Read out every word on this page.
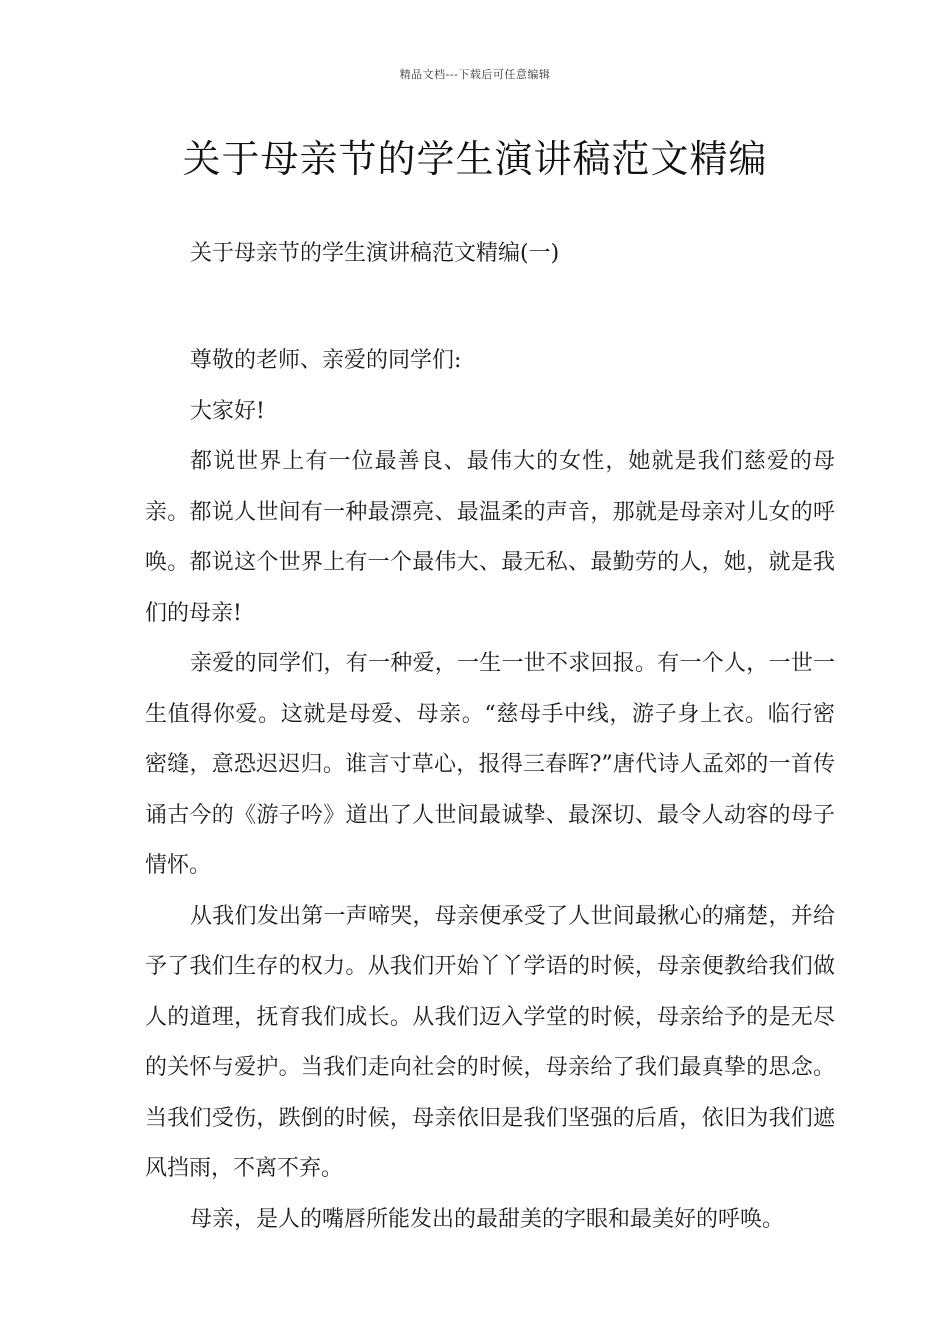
精品文档---下载后可任意编辑
关于母亲节的学生演讲稿范文精编
关于母亲节的学生演讲稿范文精编(一)

尊敬的老师、亲爱的同学们:

大家好!

都说世界上有一位最善良、最伟大的女性，她就是我们慈爱的母亲。都说人世间有一种最漂亮、最温柔的声音，那就是母亲对儿女的呼唤。都说这个世界上有一个最伟大、最无私、最勤劳的人，她，就是我们的母亲!

亲爱的同学们，有一种爱，一生一世不求回报。有一个人，一世一生值得你爱。这就是母爱、母亲。“慈母手中线，游子身上衣。临行密密缝，意恐迟迟归。谁言寸草心，报得三春晖?”唐代诗人孟郊的一首传诵古今的《游子吟》道出了人世间最诚挚、最深切、最令人动容的母子情怀。

从我们发出第一声啼哭，母亲便承受了人世间最揪心的痛楚，并给予了我们生存的权力。从我们开始丫丫学语的时候，母亲便教给我们做人的道理，抚育我们成长。从我们迈入学堂的时候，母亲给予的是无尽的关怀与爱护。当我们走向社会的时候，母亲给了我们最真挚的思念。当我们受伤，跌倒的时候，母亲依旧是我们坚强的后盾，依旧为我们遮风挡雨，不离不弃。

母亲，是人的嘴唇所能发出的最甜美的字眼和最美好的呼唤。
